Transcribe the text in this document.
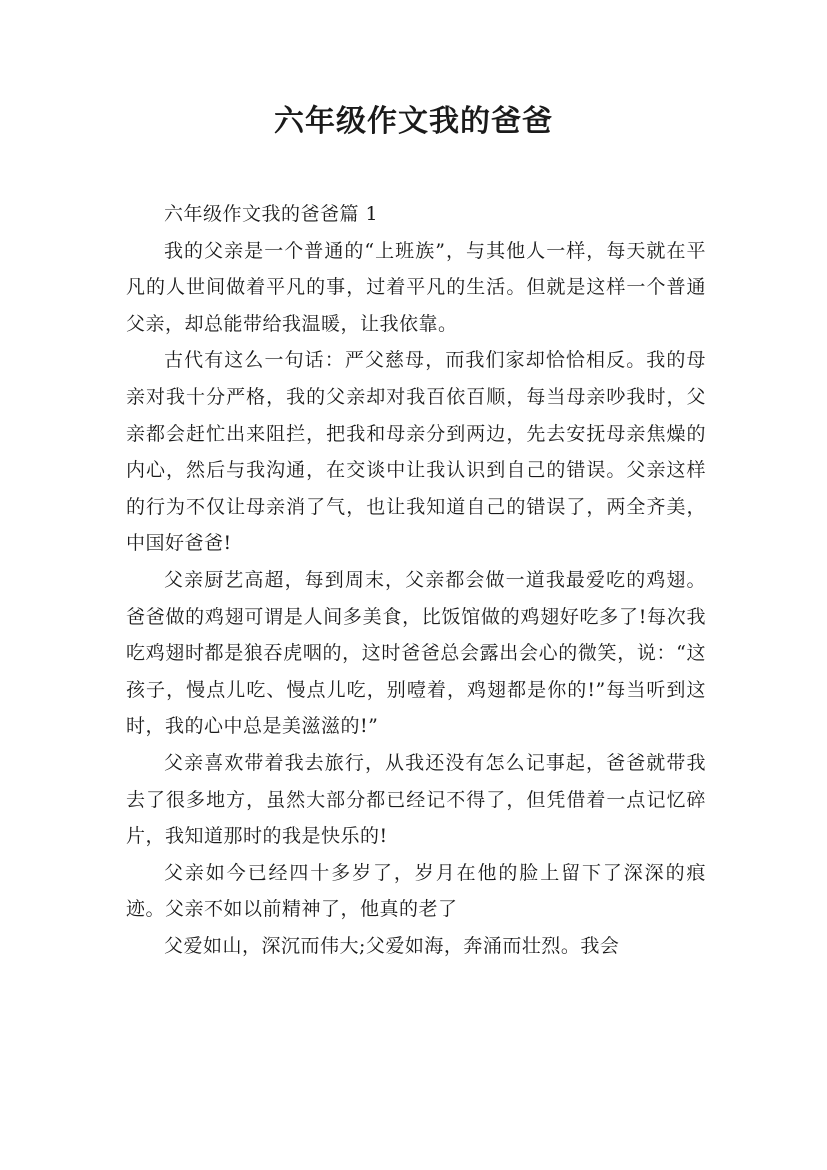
六年级作文我的爸爸

六年级作文我的爸爸篇 1

我的父亲是一个普通的“上班族”，与其他人一样，每天就在平凡的人世间做着平凡的事，过着平凡的生活。但就是这样一个普通父亲，却总能带给我温暖，让我依靠。

古代有这么一句话：严父慈母，而我们家却恰恰相反。我的母亲对我十分严格，我的父亲却对我百依百顺，每当母亲吵我时，父亲都会赶忙出来阻拦，把我和母亲分到两边，先去安抚母亲焦燥的内心，然后与我沟通，在交谈中让我认识到自己的错误。父亲这样的行为不仅让母亲消了气，也让我知道自己的错误了，两全齐美，中国好爸爸!

父亲厨艺高超，每到周末，父亲都会做一道我最爱吃的鸡翅。爸爸做的鸡翅可谓是人间多美食，比饭馆做的鸡翅好吃多了!每次我吃鸡翅时都是狼吞虎咽的，这时爸爸总会露出会心的微笑，说：“这孩子，慢点儿吃、慢点儿吃，别噎着，鸡翅都是你的!”每当听到这时，我的心中总是美滋滋的!”

父亲喜欢带着我去旅行，从我还没有怎么记事起，爸爸就带我去了很多地方，虽然大部分都已经记不得了，但凭借着一点记忆碎片，我知道那时的我是快乐的!

父亲如今已经四十多岁了，岁月在他的脸上留下了深深的痕迹。父亲不如以前精神了，他真的老了

父爱如山，深沉而伟大;父爱如海，奔涌而壮烈。我会
